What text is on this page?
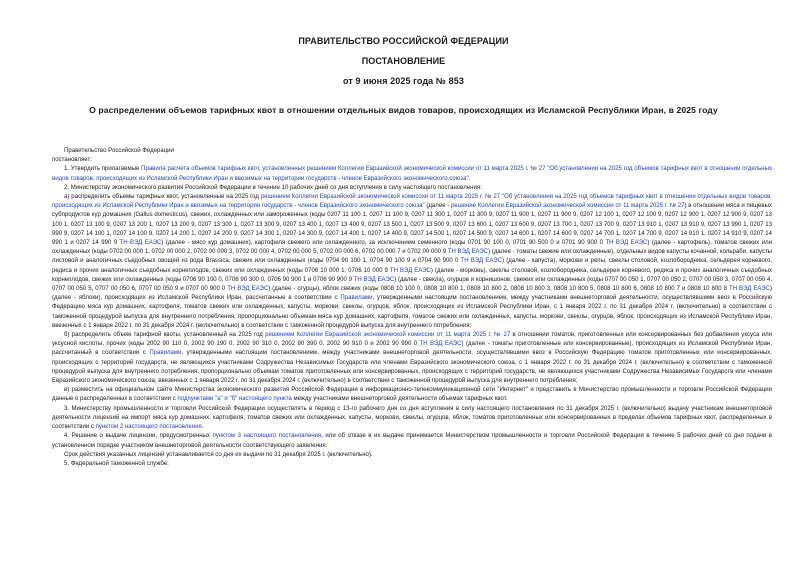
ПРАВИТЕЛЬСТВО РОССИЙСКОЙ ФЕДЕРАЦИИ
ПОСТАНОВЛЕНИЕ
от 9 июня 2025 года № 853
О распределении объемов тарифных квот в отношении отдельных видов товаров, происходящих из Исламской Республики Иран, в 2025 году

Правительство Российской Федерации

постановляет:

1. Утвердить прилагаемые Правила расчета объемов тарифных квот, установленных решением Коллегии Евразийской экономической комиссии от 11 марта 2025 г. № 27 "Об установлении на 2025 год объемов тарифных квот в отношении отдельных видов товаров, происходящих из Исламской Республики Иран и ввозимых на территории государств - членов Евразийского экономического союза".

2. Министерству экономического развития Российской Федерации в течение 10 рабочих дней со дня вступления в силу настоящего постановления:

а) распределить объемы тарифных квот, установленные на 2025 год решением Коллегии Евразийской экономической комиссии от 11 марта 2025 г. № 27 "Об установлении на 2025 год объемов тарифных квот в отношении отдельных видов товаров, происходящих из Исламской Республики Иран и ввозимых на территории государств - членов Евразийского экономического союза" (далее - решение Коллегии Евразийской экономической комиссии от 11 марта 2025 г. № 27) в отношении мяса и пищевых субпродуктов кур домашних (Gallus domesticus), свежих, охлажденных или замороженных (коды 0207 11 100 1, 0207 11 100 9, 0207 11 300 1, 0207 11 300 9, 0207 11 900 1, 0207 11 900 9, 0207 12 100 1, 0207 12 100 9, 0207 12 900 1, 0207 12 900 9, 0207 13 100 1, 0207 13 100 9, 0207 13 200 1, 0207 13 200 9, 0207 13 300 1, 0207 13 300 9, 0207 13 400 1, 0207 13 400 9, 0207 13 500 1, 0207 13 500 9, 0207 13 600 1, 0207 13 600 9, 0207 13 700 1, 0207 13 700 9, 0207 13 910 1, 0207 13 910 9, 0207 13 990 1, 0207 13 990 9, 0207 14 100 1, 0207 14 100 9, 0207 14 200 1, 0207 14 200 9, 0207 14 300 1, 0207 14 300 9, 0207 14 400 1, 0207 14 400 9, 0207 14 500 1, 0207 14 500 9, 0207 14 600 1, 0207 14 600 9, 0207 14 700 1, 0207 14 700 9, 0207 14 910 1, 0207 14 910 9, 0207 14 990 1 и 0207 14 990 9 ТН ВЭД ЕАЭС) (далее - мясо кур домашних), картофеля свежего или охлажденного, за исключением семенного (коды 0701 90 100 0, 0701 90 500 0 и 0701 90 900 0 ТН ВЭД ЕАЭС) (далее - картофель), томатов свежих или охлажденных (коды 0702 00 000 1, 0702 00 000 2, 0702 00 000 3, 0702 00 000 4, 0702 00 000 5, 0702 00 000 6, 0702 00 000 7 и 0702 00 000 9 ТН ВЭД ЕАЭС) (далее - томаты свежие или охлажденные), отдельных видов капусты кочанной, кольраби, капусты листовой и аналогичных съедобных овощей из рода Brassica, свежих или охлажденных (коды 0704 90 100 1, 0704 90 100 9 и 0704 90 900 0 ТН ВЭД ЕАЭС) (далее - капуста), моркови и репы, свеклы столовой, козлобородника, сельдерея корневого, редиса и прочих аналогичных съедобных корнеплодов, свежих или охлажденных (коды 0706 10 000 1, 0706 10 000 9 ТН ВЭД ЕАЭС) (далее - морковь), свеклы столовой, козлобородника, сельдерея корневого, редиса и прочих аналогичных съедобных корнеплодов, свежих или охлажденных (коды 0706 90 100 0, 0706 90 300 0, 0706 90 900 1 и 0706 90 900 9 ТН ВЭД ЕАЭС) (далее - свекла), огурцов и корнишонов, свежих или охлажденных (коды 0707 00 050 1, 0707 00 050 2, 0707 00 050 3, 0707 00 050 4, 0707 00 050 5, 0707 00 050 6, 0707 00 050 9 и 0707 00 900 0 ТН ВЭД ЕАЭС) (далее - огурцы), яблок свежих (коды 0808 10 100 0, 0808 10 800 1, 0808 10 800 2, 0808 10 800 3, 0808 10 800 5, 0808 10 800 6, 0808 10 800 7 и 0808 10 800 8 ТН ВЭД ЕАЭС) (далее - яблоки), происходящих из Исламской Республики Иран, рассчитанные в соответствии с Правилами, утвержденными настоящим постановлением, между участниками внешнеторговой деятельности, осуществлявшими ввоз в Российскую Федерацию мяса кур домашних, картофеля, томатов свежих или охлажденных, капусты, моркови, свеклы, огурцов, яблок, происходящих из Исламской Республики Иран, с 1 января 2022 г. по 31 декабря 2024 г. (включительно) в соответствии с таможенной процедурой выпуска для внутреннего потребления, пропорционально объемам мяса кур домашних, картофеля, томатов свежих или охлажденных, капусты, моркови, свеклы, огурцов, яблок, происходящих из Исламской Республики Иран, ввезенных с 1 января 2022 г. по 31 декабря 2024 г. (включительно) в соответствии с таможенной процедурой выпуска для внутреннего потребления;

б) распределить объем тарифной квоты, установленный на 2025 год решением Коллегии Евразийской экономической комиссии от 11 марта 2025 г. № 27 в отношении томатов, приготовленных или консервированных без добавления уксуса или уксусной кислоты, прочих (коды 2002 90 110 0, 2002 90 190 0, 2002 90 310 0, 2002 90 390 0, 2002 90 910 0 и 2002 90 990 0 ТН ВЭД ЕАЭС) (далее - томаты приготовленные или консервированные), происходящих из Исламской Республики Иран, рассчитанный в соответствии с Правилами, утвержденными настоящим постановлением, между участниками внешнеторговой деятельности, осуществлявшими ввоз в Российскую Федерацию томатов приготовленных или консервированных, происходящих с территорий государств, не являющихся участниками Содружества Независимых Государств или членами Евразийского экономического союза, с 1 января 2022 г. по 31 декабря 2024 г. (включительно) в соответствии с таможенной процедурой выпуска для внутреннего потребления, пропорционально объемам томатов приготовленных или консервированных, происходящих с территорий государств, не являющихся участниками Содружества Независимых Государств или членами Евразийского экономического союза, ввезенных с 1 января 2022 г. по 31 декабря 2024 г. (включительно) в соответствии с таможенной процедурой выпуска для внутреннего потребления;

в) разместить на официальном сайте Министерства экономического развития Российской Федерации в информационно-телекоммуникационной сети "Интернет" и представить в Министерство промышленности и торговли Российской Федерации данные о распределенных в соответствии с подпунктами "а" и "б" настоящего пункта между участниками внешнеторговой деятельности объемах тарифных квот.

3. Министерству промышленности и торговли Российской Федерации осуществлять в период с 13-го рабочего дня со дня вступления в силу настоящего постановления по 31 декабря 2025 г. (включительно) выдачу участникам внешнеторговой деятельности лицензий на импорт мяса кур домашних, картофеля, томатов свежих или охлажденных, капусты, моркови, свеклы, огурцов, яблок, томатов приготовленных или консервированных в пределах объемов тарифных квот, распределенных в соответствии с пунктом 2 настоящего постановления.

4. Решение о выдаче лицензии, предусмотренных пунктом 3 настоящего постановления, или об отказе в их выдаче принимается Министерством промышленности и торговли Российской Федерации в течение 5 рабочих дней со дня подачи в установленном порядке участником внешнеторговой деятельности соответствующего заявления.

Срок действия указанных лицензий устанавливается со дня их выдачи по 31 декабря 2025 г. (включительно).

5. Федеральной таможенной службе:
